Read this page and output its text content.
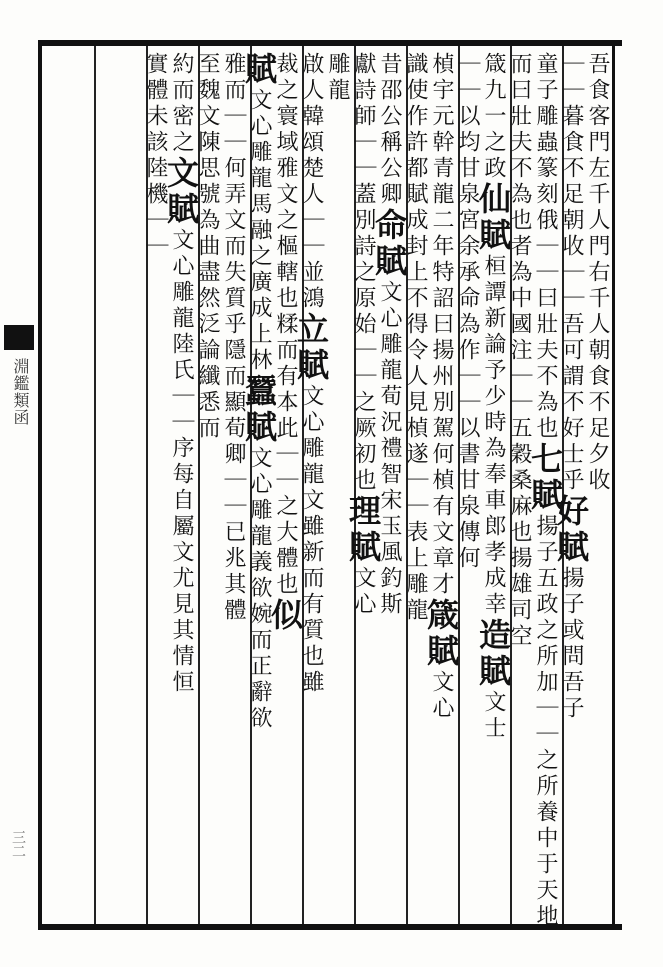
淵鑑類函
三二
吾食客門左千人門右千人朝食不足夕收
｜｜暮食不足朝收｜｜吾可謂不好士乎好賦揚子或問吾子
童子雕蟲篆刻俄｜｜曰壯夫不為也七賦揚子五政之所加｜｜之所養中于天地
而曰壯夫不為也者為中國注｜｜五穀桑麻也揚雄司空
箴九一之政仙賦桓譚新論予少時為奉車郎孝成幸造賦文士
｜｜以均甘泉宮余承命為作｜｜以書甘泉傳何
楨宇元幹青龍二年特詔曰揚州別駕何楨有文章才箴賦文心
識使作許都賦成封上不得令人見楨遂｜｜表上雕龍
昔邵公稱公卿命賦文心雕龍荀況禮智宋玉風釣斯
獻詩師｜｜蓋別詩之原始｜｜之厥初也理賦文心
雕龍
啟人韓頌楚人｜｜並鴻立賦文心雕龍文雖新而有質也雖
裁之寰域雅文之樞轄也糅而有本此｜｜之大體也似
賦文心雕龍馬融之廣成上林蠶賦文心雕龍義欲婉而正辭欲
雅而｜｜何弄文而失質乎隱而顯荀卿｜｜已兆其體
至魏文陳思號為曲盡然泛論纖悉而
約而密之文賦文心雕龍陸氏｜｜序每自屬文尤見其情恒
實體未該陸機｜｜
